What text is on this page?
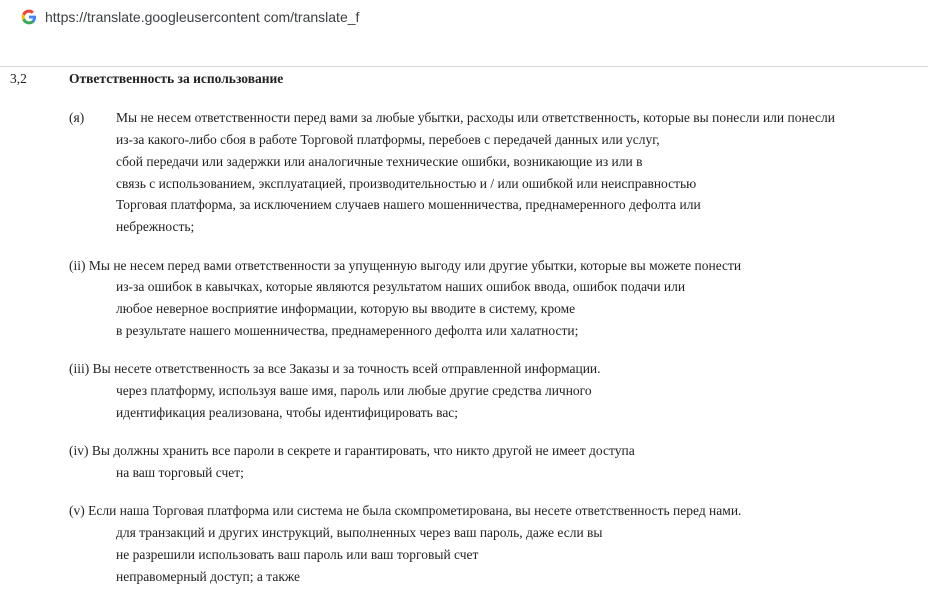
https://translate.googleusercontent com/translate_f
3,2	Ответственность за использование
(я) Мы не несем ответственности перед вами за любые убытки, расходы или ответственность, которые вы понесли или понесли
из-за какого-либо сбоя в работе Торговой платформы, перебоев с передачей данных или услуг,
сбой передачи или задержки или аналогичные технические ошибки, возникающие из или в
связь с использованием, эксплуатацией, производительностью и / или ошибкой или неисправностью
Торговая платформа, за исключением случаев нашего мошенничества, преднамеренного дефолта или
небрежность;
(ii) Мы не несем перед вами ответственности за упущенную выгоду или другие убытки, которые вы можете понести
из-за ошибок в кавычках, которые являются результатом наших ошибок ввода, ошибок подачи или
любое неверное восприятие информации, которую вы вводите в систему, кроме
в результате нашего мошенничества, преднамеренного дефолта или халатности;
(iii) Вы несете ответственность за все Заказы и за точность всей отправленной информации.
через платформу, используя ваше имя, пароль или любые другие средства личного
идентификация реализована, чтобы идентифицировать вас;
(iv) Вы должны хранить все пароли в секрете и гарантировать, что никто другой не имеет доступа
на ваш торговый счет;
(v) Если наша Торговая платформа или система не была скомпрометирована, вы несете ответственность перед нами.
для транзакций и других инструкций, выполненных через ваш пароль, даже если вы
не разрешили использовать ваш пароль или ваш торговый счет
неправомерный доступ; а также
